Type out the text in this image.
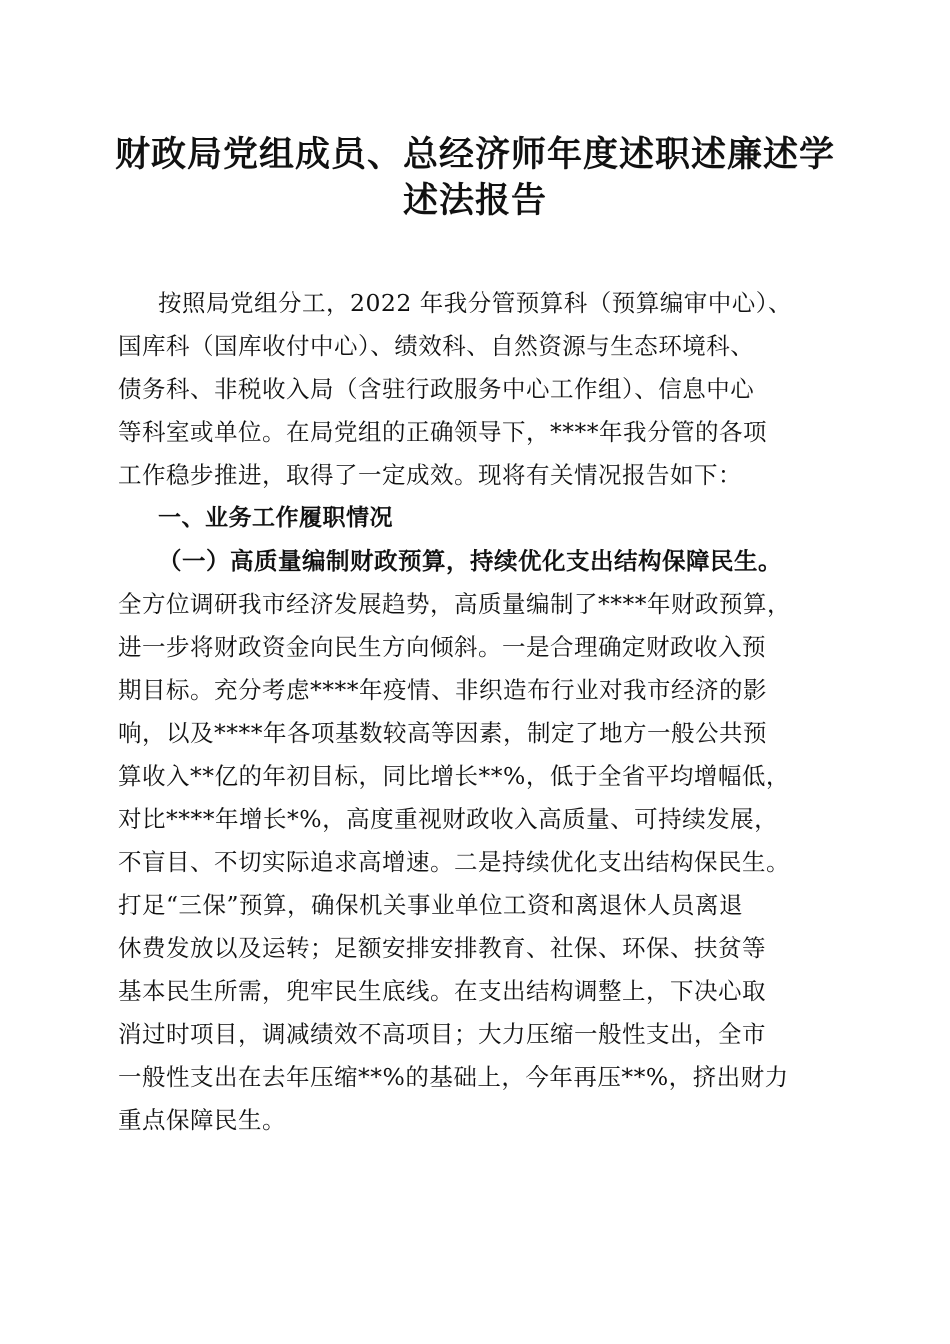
财政局党组成员、总经济师年度述职述廉述学
述法报告
按照局党组分工，2022 年我分管预算科（预算编审中心）、
国库科（国库收付中心）、绩效科、自然资源与生态环境科、
债务科、非税收入局（含驻行政服务中心工作组）、信息中心
等科室或单位。在局党组的正确领导下，****年我分管的各项
工作稳步推进，取得了一定成效。现将有关情况报告如下：
一、业务工作履职情况
（一）高质量编制财政预算，持续优化支出结构保障民生。
全方位调研我市经济发展趋势，高质量编制了****年财政预算，
进一步将财政资金向民生方向倾斜。一是合理确定财政收入预
期目标。充分考虑****年疫情、非织造布行业对我市经济的影
响，以及****年各项基数较高等因素，制定了地方一般公共预
算收入**亿的年初目标，同比增长**%，低于全省平均增幅低，
对比****年增长*%，高度重视财政收入高质量、可持续发展，
不盲目、不切实际追求高增速。二是持续优化支出结构保民生。
打足“三保”预算，确保机关事业单位工资和离退休人员离退
休费发放以及运转；足额安排安排教育、社保、环保、扶贫等
基本民生所需，兜牢民生底线。在支出结构调整上，下决心取
消过时项目，调减绩效不高项目；大力压缩一般性支出，全市
一般性支出在去年压缩**%的基础上，今年再压**%，挤出财力
重点保障民生。
